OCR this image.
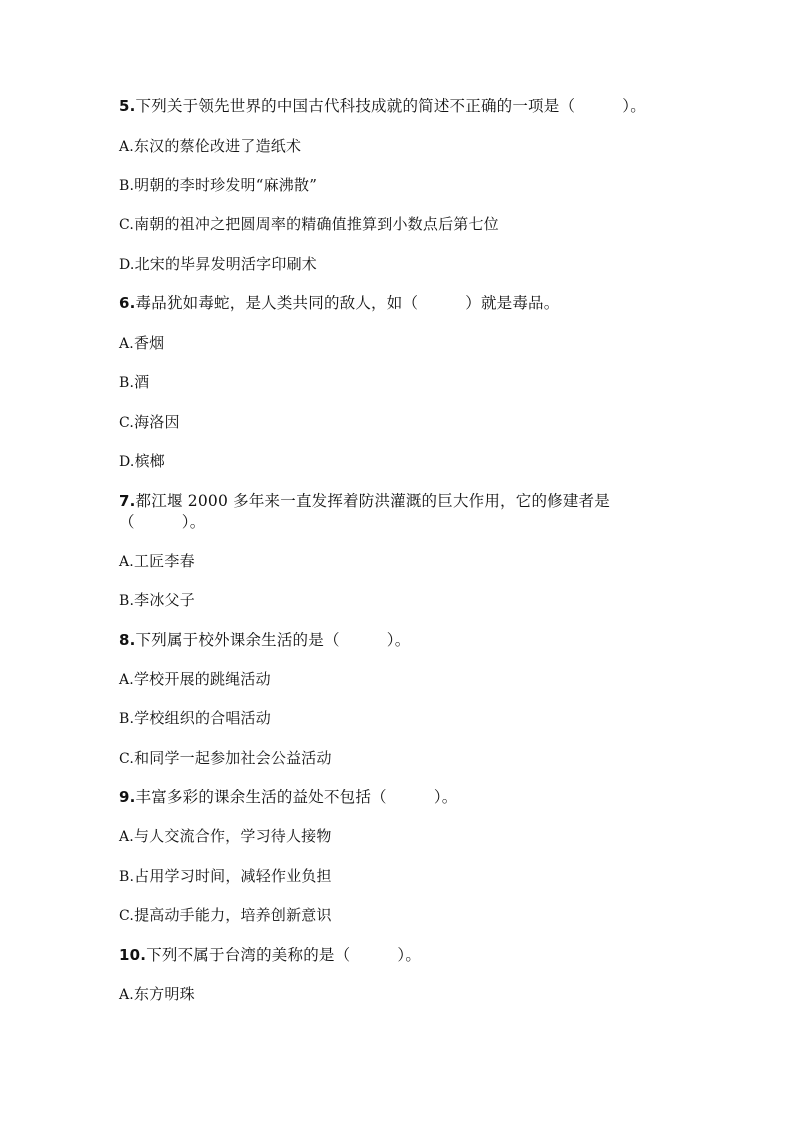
5.下列关于领先世界的中国古代科技成就的简述不正确的一项是（　　　）。
A.东汉的蔡伦改进了造纸术
B.明朝的李时珍发明“麻沸散”
C.南朝的祖冲之把圆周率的精确值推算到小数点后第七位
D.北宋的毕昇发明活字印刷术
6.毒品犹如毒蛇，是人类共同的敌人，如（　　　）就是毒品。
A.香烟
B.酒
C.海洛因
D.槟榔
7.都江堰 2000 多年来一直发挥着防洪灌溉的巨大作用，它的修建者是
（　　　）。
A.工匠李春
B.李冰父子
8.下列属于校外课余生活的是（　　　）。
A.学校开展的跳绳活动
B.学校组织的合唱活动
C.和同学一起参加社会公益活动
9.丰富多彩的课余生活的益处不包括（　　　）。
A.与人交流合作，学习待人接物
B.占用学习时间，减轻作业负担
C.提高动手能力，培养创新意识
10.下列不属于台湾的美称的是（　　　）。
A.东方明珠
